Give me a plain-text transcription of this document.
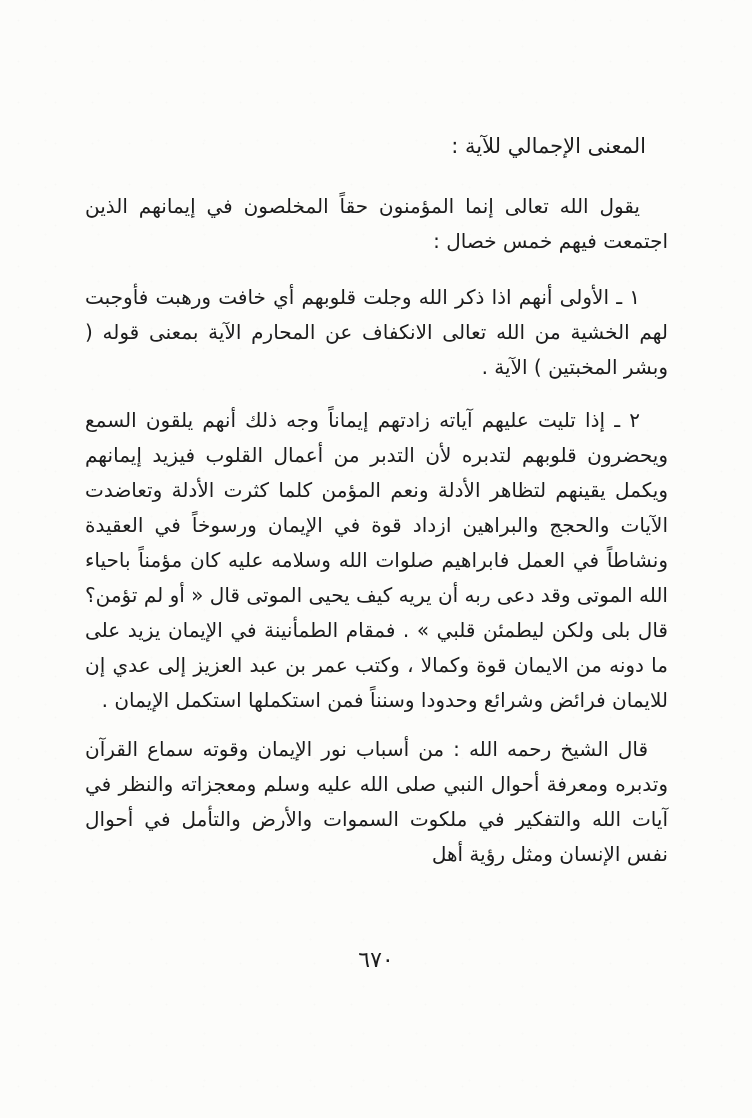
المعنى الإجمالي للآية :

يقول الله تعالى إنما المؤمنون حقاً المخلصون في إيمانهم الذين اجتمعت فيهم خمس خصال :

١ ـ الأولى أنهم اذا ذكر الله وجلت قلوبهم أي خافت ورهبت فأوجبت لهم الخشية من الله تعالى الانكفاف عن المحارم الآية بمعنى قوله ( وبشر المخبتين ) الآية .

٢ ـ إذا تليت عليهم آياته زادتهم إيماناً وجه ذلك أنهم يلقون السمع ويحضرون قلوبهم لتدبره لأن التدبر من أعمال القلوب فيزيد إيمانهم ويكمل يقينهم لتظاهر الأدلة ونعم المؤمن كلما كثرت الأدلة وتعاضدت الآيات والحجج والبراهين ازداد قوة في الإيمان ورسوخاً في العقيدة ونشاطاً في العمل فابراهيم صلوات الله وسلامه عليه كان مؤمناً باحياء الله الموتى وقد دعى ربه أن يريه كيف يحيى الموتى قال « أو لم تؤمن؟ قال بلى ولكن ليطمئن قلبي » . فمقام الطمأنينة في الإيمان يزيد على ما دونه من الايمان قوة وكمالا ، وكتب عمر بن عبد العزيز إلى عدي إن للايمان فرائض وشرائع وحدودا وسنناً فمن استكملها استكمل الإيمان .

قال الشيخ رحمه الله : من أسباب نور الإيمان وقوته سماع القرآن وتدبره ومعرفة أحوال النبي صلى الله عليه وسلم ومعجزاته والنظر في آيات الله والتفكير في ملكوت السموات والأرض والتأمل في أحوال نفس الإنسان ومثل رؤية أهل

٦٧٠
